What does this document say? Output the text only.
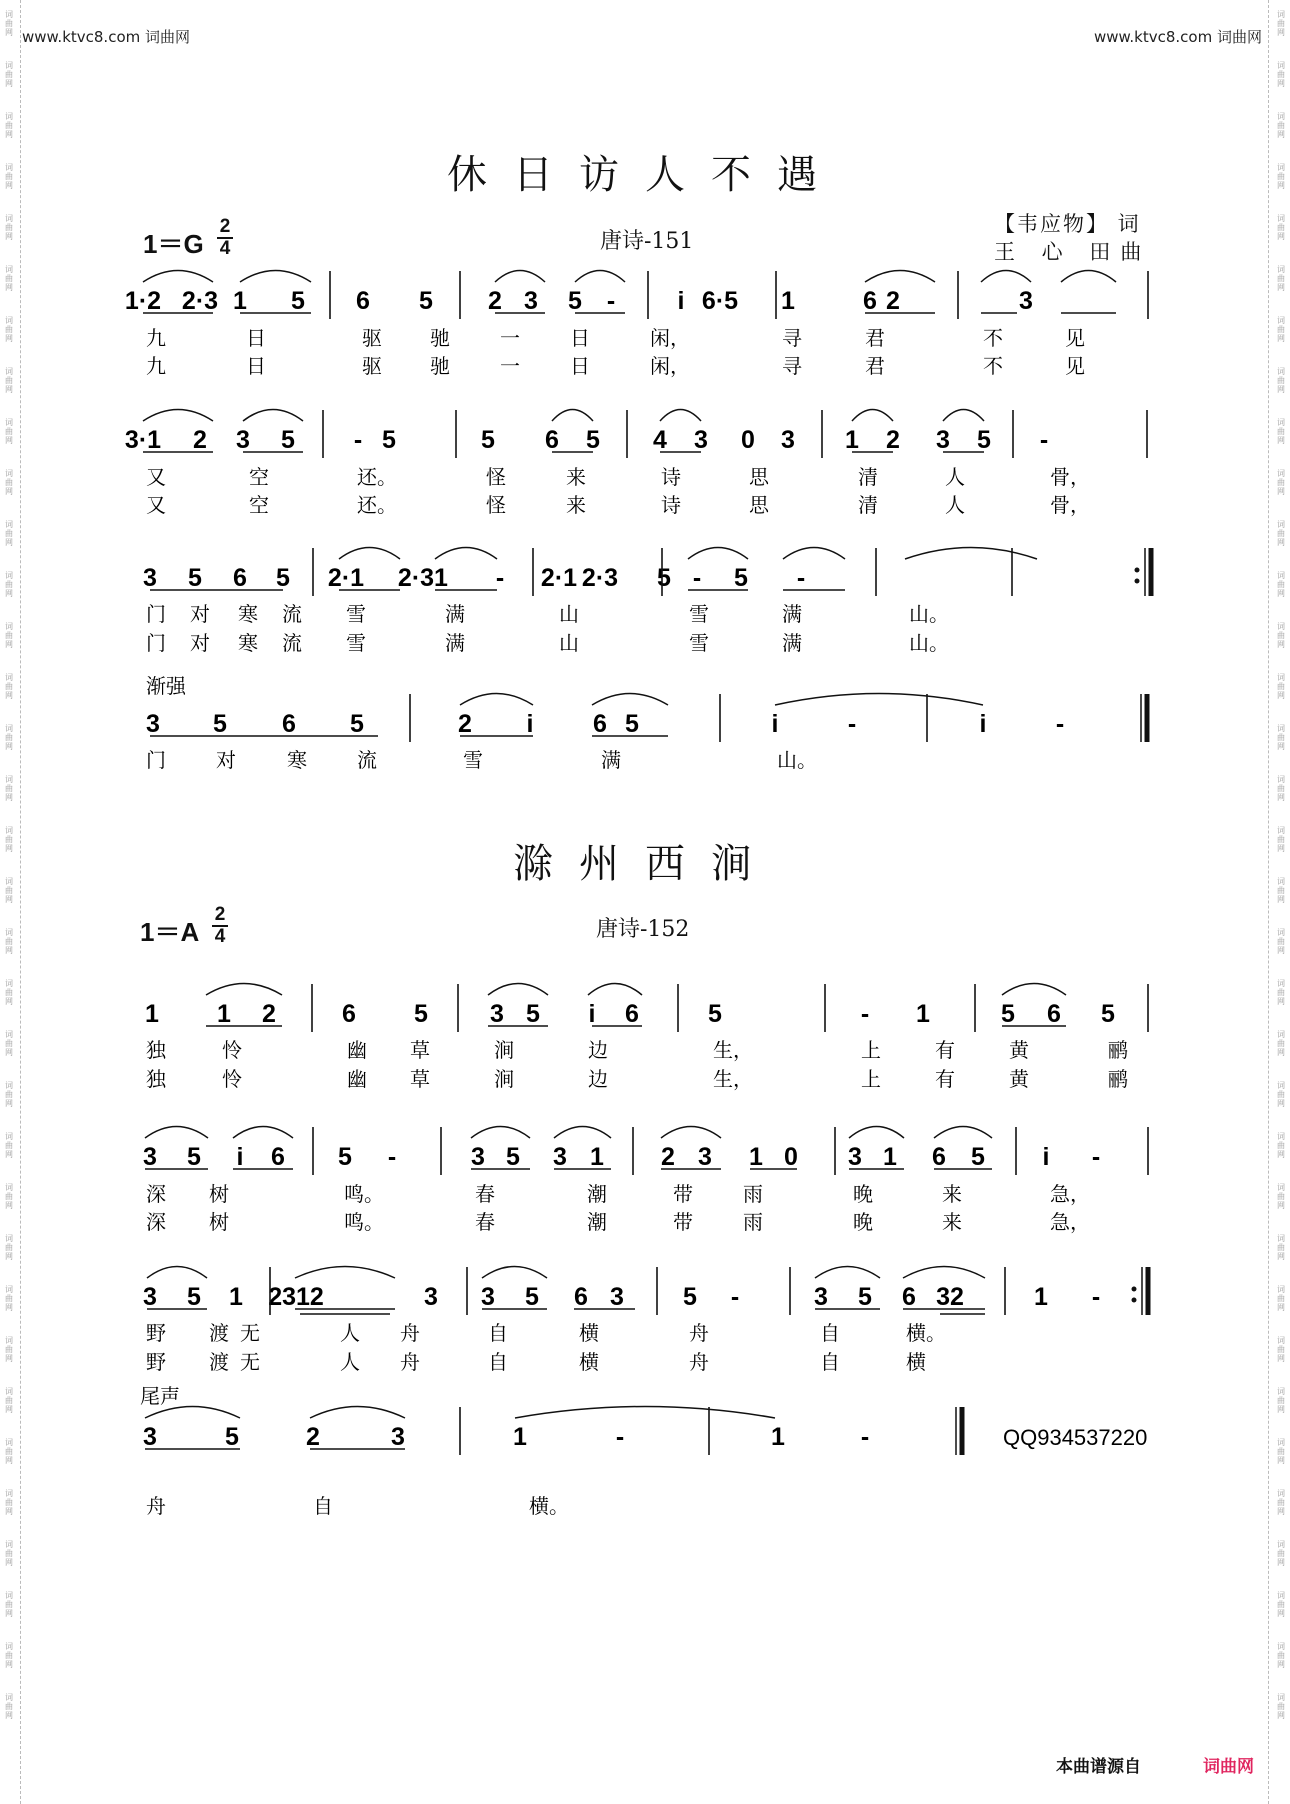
www.ktvc8.com 词曲网	www.ktvc8.com 词曲网
词
曲
网
词
曲
网
词
曲
网
词
曲
网
词
曲
网
词
曲
网
词
曲
网
词
曲
网
词
曲
网
词
曲
网
词
曲
网
词
曲
网
词
曲
网
词
曲
网
词
曲
网
词
曲
网
词
曲
网
词
曲
网
词
曲
网
词
曲
网
词
曲
网
词
曲
网
词
曲
网
词
曲
网
词
曲
网
词
曲
网
词
曲
网
词
曲
网
词
曲
网
词
曲
网
词
曲
网
词
曲
网
词
曲
网
词
曲
网
词
曲
网
词
曲
网
词
曲
网
词
曲
网
词
曲
网
词
曲
网
词
曲
网
词
曲
网
词
曲
网
词
曲
网
词
曲
网
词
曲
网
词
曲
网
词
曲
网
词
曲
网
词
曲
网
词
曲
网
词
曲
网
词
曲
网
词
曲
网
词
曲
网
词
曲
网
词
曲
网
词
曲
网
词
曲
网
词
曲
网
词
曲
网
词
曲
网
词
曲
网
词
曲
网
词
曲
网
词
曲
网
词
曲
网
词
曲
网
休日访人不遇
1＝G
2
4	唐诗-151
【韦应物】 词
王 心 田曲
滁州西涧
1＝A
2
4	唐诗-152
1·2 2·3 1 5 6 5 2 3 5 - i 6·5 1	6 2	3
九	日	驱 驰	一	日	闲，	寻	君	不	见
九	日	驱 驰	一	日	闲，	寻	君	不	见
3·1 2 3 5 - 5	5 6 5 4 3 0 3 1 2 3 5 -
又	空	还。	怪	来	诗	思	清	人	骨，
又	空	还。	怪	来	诗	思	清	人	骨，
3 5 6 5 2·1 2·3 1 - 2·1 2·3 5 - 5 -
门 对 寒 流 雪	满	山	雪	满	山。
门 对 寒 流 雪	满	山	雪	满	山。
3 5 6 5	2 i 6 5	i	-	i	-
门	对	寒	流	雪	满	山。
渐强
1 1 2	6 5 3 5 i 6	5	- 1	5 6 5
独	怜	幽 草	涧	边	生，	上	有	黄	鹂
独	怜	幽 草	涧	边	生，	上	有	黄	鹂
3 5 i 6 5 -	3 5 3 1 2 3 1 0 3 1 6 5 i -
深 树	鸣。	春	潮	带	雨	晚	来	急，
深 树	鸣。	春	潮	带	雨	晚	来	急，
3 5 1 2312	3 3 5 6 3 5 -	3 5 6 32	1 -
野 渡 无	人 舟	自	横	舟	自	横。
野 渡 无	人 舟	自	横	舟	自	横
3	5	2	3	1	-	1	-
舟	自	横。
尾声
QQ934537220
本曲谱源自	词曲网
